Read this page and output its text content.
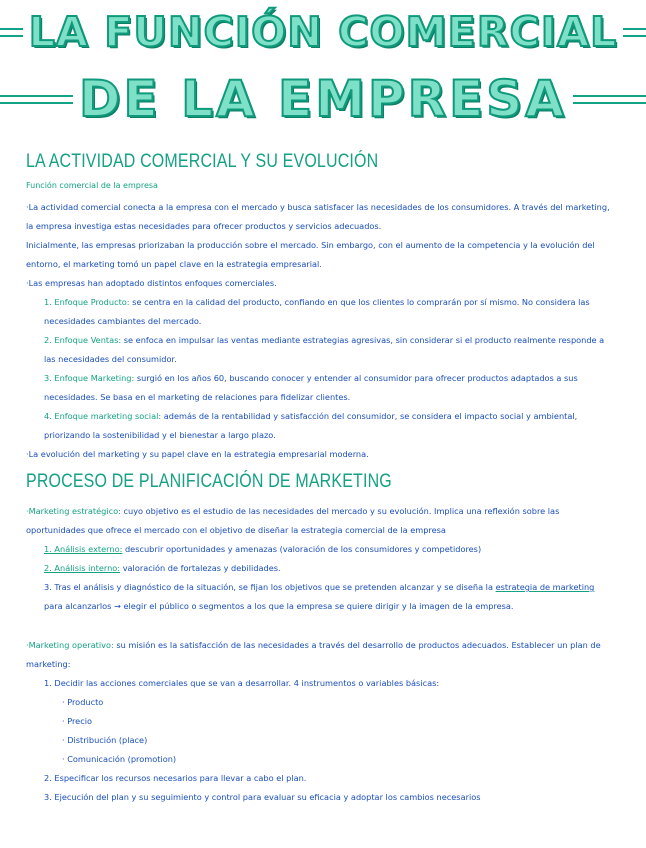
LA FUNCIÓN COMERCIAL
DE LA EMPRESA
LA ACTIVIDAD COMERCIAL Y SU EVOLUCIÓN
Función comercial de la empresa
·La actividad comercial conecta a la empresa con el mercado y busca satisfacer las necesidades de los consumidores. A través del marketing,
la empresa investiga estas necesidades para ofrecer productos y servicios adecuados.
Inicialmente, las empresas priorizaban la producción sobre el mercado. Sin embargo, con el aumento de la competencia y la evolución del
entorno, el marketing tomó un papel clave en la estrategia empresarial.
·Las empresas han adoptado distintos enfoques comerciales.
1. Enfoque Producto: se centra en la calidad del producto, confiando en que los clientes lo comprarán por sí mismo. No considera las
necesidades cambiantes del mercado.
2. Enfoque Ventas: se enfoca en impulsar las ventas mediante estrategias agresivas, sin considerar si el producto realmente responde a
las necesidades del consumidor.
3. Enfoque Marketing: surgió en los años 60, buscando conocer y entender al consumidor para ofrecer productos adaptados a sus
necesidades. Se basa en el marketing de relaciones para fidelizar clientes.
4. Enfoque marketing social: además de la rentabilidad y satisfacción del consumidor, se considera el impacto social y ambiental,
priorizando la sostenibilidad y el bienestar a largo plazo.
·La evolución del marketing y su papel clave en la estrategia empresarial moderna.
PROCESO DE PLANIFICACIÓN DE MARKETING
·Marketing estratégico: cuyo objetivo es el estudio de las necesidades del mercado y su evolución. Implica una reflexión sobre las
oportunidades que ofrece el mercado con el objetivo de diseñar la estrategia comercial de la empresa
1. Análisis externo: descubrir oportunidades y amenazas (valoración de los consumidores y competidores)
2. Análisis interno: valoración de fortalezas y debilidades.
3. Tras el análisis y diagnóstico de la situación, se fijan los objetivos que se pretenden alcanzar y se diseña la estrategia de marketing
para alcanzarlos → elegir el público o segmentos a los que la empresa se quiere dirigir y la imagen de la empresa.
·Marketing operativo: su misión es la satisfacción de las necesidades a través del desarrollo de productos adecuados. Establecer un plan de
marketing:
1. Decidir las acciones comerciales que se van a desarrollar. 4 instrumentos o variables básicas:
· Producto
· Precio
· Distribución (place)
· Comunicación (promotion)
2. Especificar los recursos necesarios para llevar a cabo el plan.
3. Ejecución del plan y su seguimiento y control para evaluar su eficacia y adoptar los cambios necesarios
